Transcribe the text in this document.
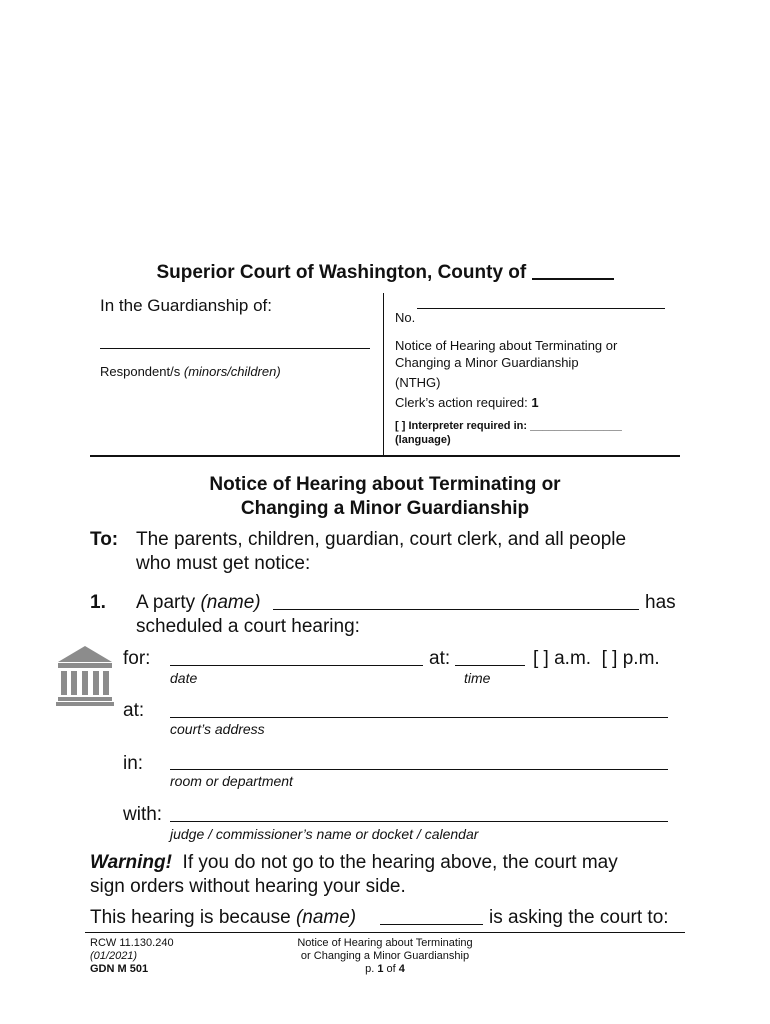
Superior Court of Washington, County of
In the Guardianship of:
Respondent/s (minors/children)
No.
Notice of Hearing about Terminating or
Changing a Minor Guardianship
(NTHG)
Clerk’s action required: 1
[ ] Interpreter required in: _______________
(language)
Notice of Hearing about Terminating or
Changing a Minor Guardianship
To: The parents, children, guardian, court clerk, and all people
who must get notice:
1. A party (name)	has
scheduled a court hearing:
for:	at:	[ ] a.m.  [ ] p.m.
date	time
at:
court’s address
in:
room or department
with:
judge / commissioner’s name or docket / calendar
Warning! If you do not go to the hearing above, the court may
sign orders without hearing your side.
This hearing is because (name)	is asking the court to:
RCW 11.130.240
(01/2021)
GDN M 501
Notice of Hearing about Terminating
or Changing a Minor Guardianship
p. 1 of 4
